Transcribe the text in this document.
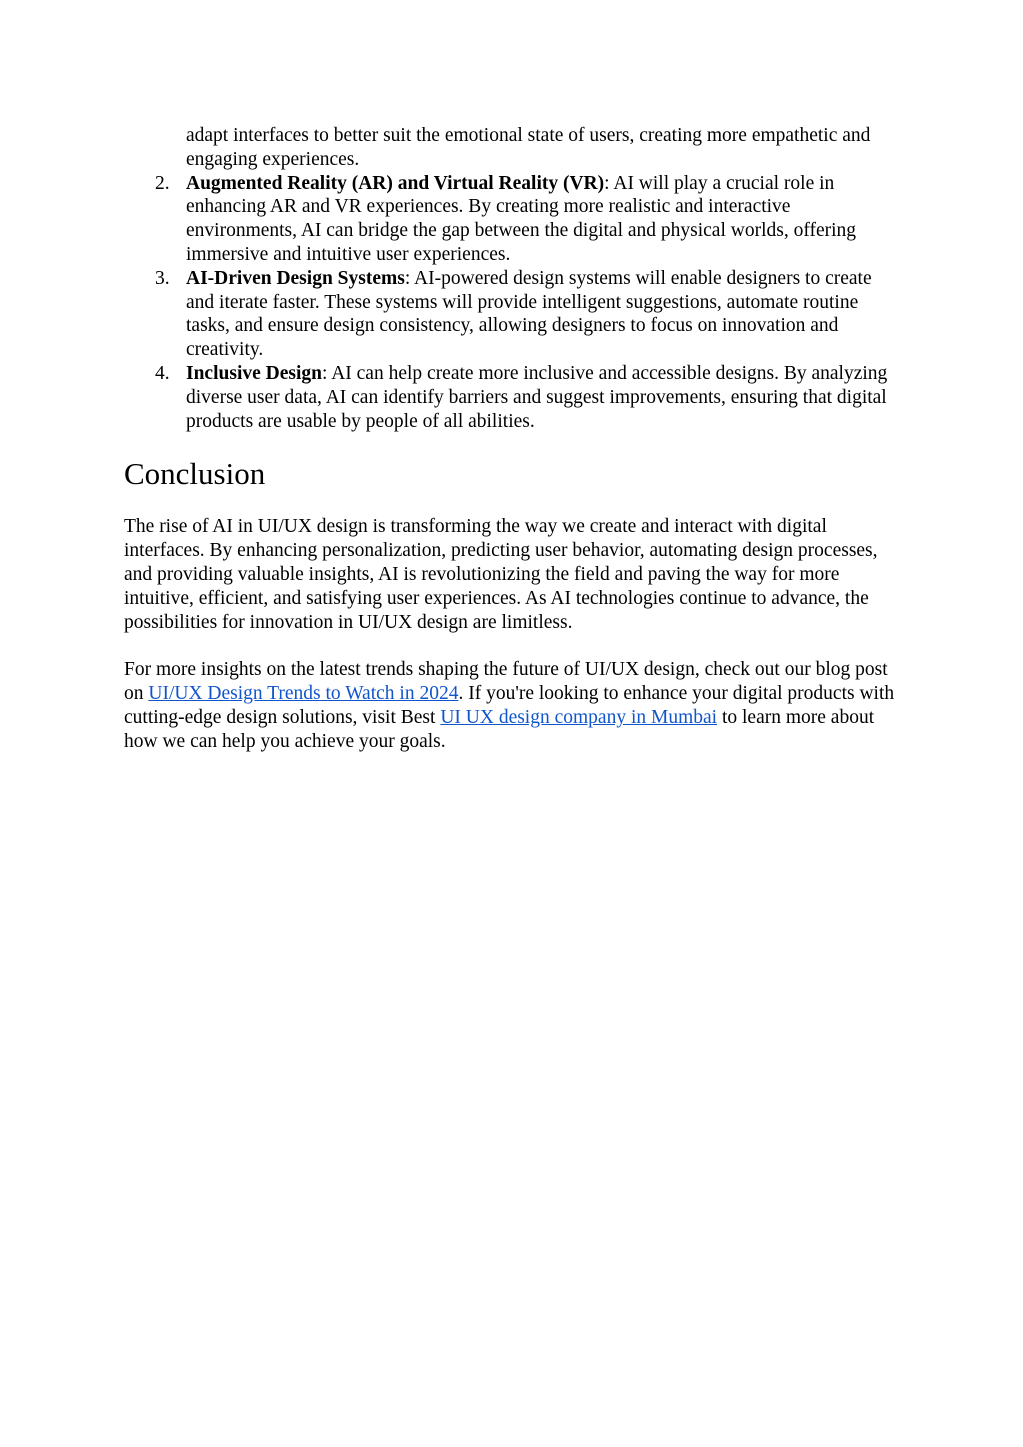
adapt interfaces to better suit the emotional state of users, creating more empathetic and engaging experiences.

2. Augmented Reality (AR) and Virtual Reality (VR): AI will play a crucial role in enhancing AR and VR experiences. By creating more realistic and interactive environments, AI can bridge the gap between the digital and physical worlds, offering immersive and intuitive user experiences.
3. AI-Driven Design Systems: AI-powered design systems will enable designers to create and iterate faster. These systems will provide intelligent suggestions, automate routine tasks, and ensure design consistency, allowing designers to focus on innovation and creativity.
4. Inclusive Design: AI can help create more inclusive and accessible designs. By analyzing diverse user data, AI can identify barriers and suggest improvements, ensuring that digital products are usable by people of all abilities.
Conclusion

The rise of AI in UI/UX design is transforming the way we create and interact with digital interfaces. By enhancing personalization, predicting user behavior, automating design processes, and providing valuable insights, AI is revolutionizing the field and paving the way for more intuitive, efficient, and satisfying user experiences. As AI technologies continue to advance, the possibilities for innovation in UI/UX design are limitless.

For more insights on the latest trends shaping the future of UI/UX design, check out our blog post on UI/UX Design Trends to Watch in 2024. If you're looking to enhance your digital products with cutting-edge design solutions, visit Best UI UX design company in Mumbai to learn more about how we can help you achieve your goals.
